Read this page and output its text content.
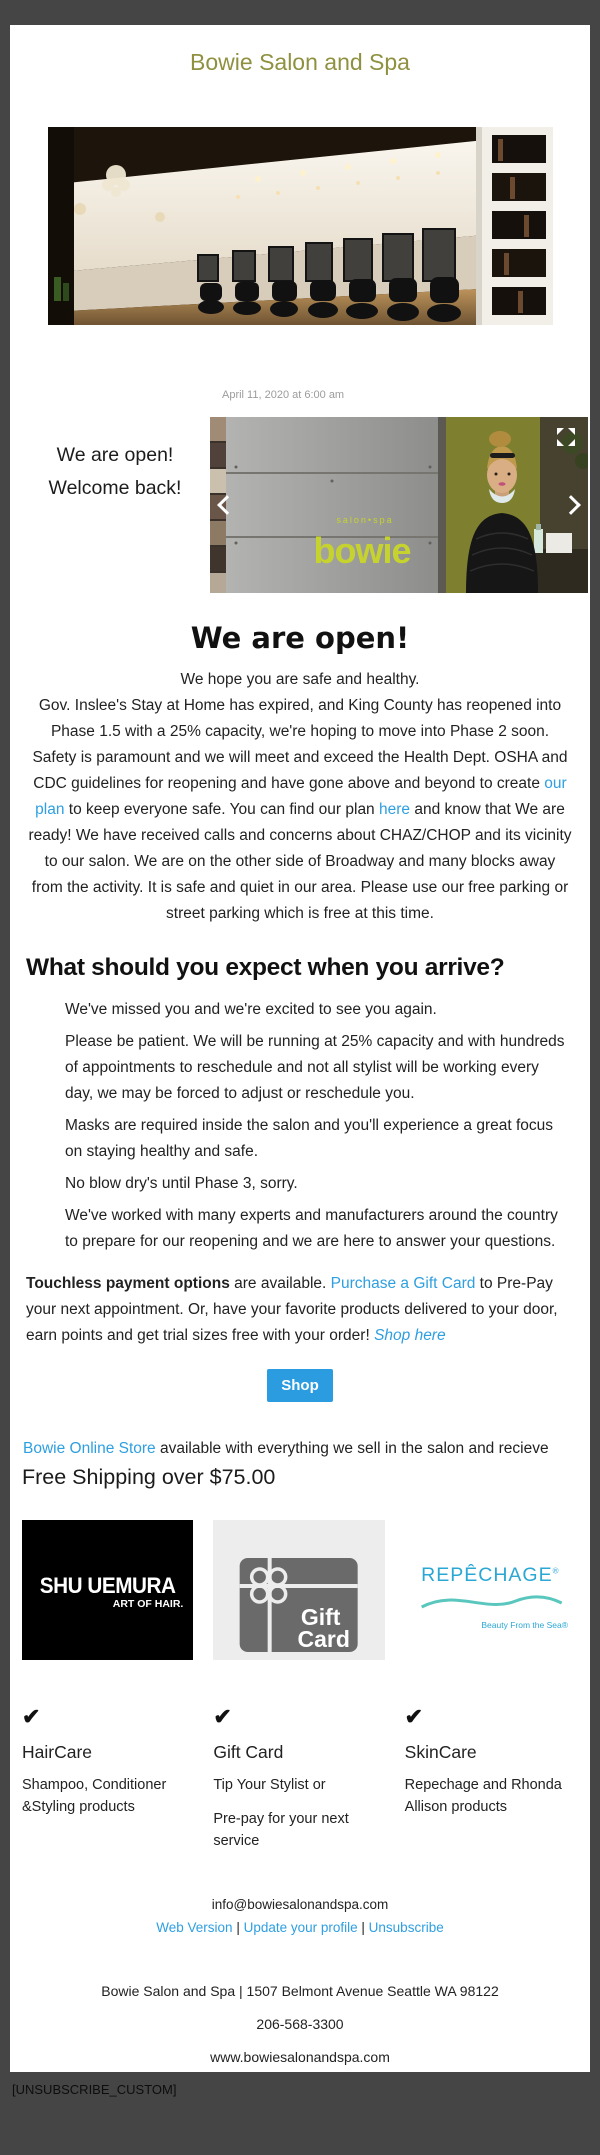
Bowie Salon and Spa
We are open!
Welcome back!
April 11, 2020 at 6:00 am
salon•spa
bowie
We are open!

We hope you are safe and healthy.
Gov. Inslee's Stay at Home has expired, and King County has reopened into Phase 1.5 with a 25% capacity, we're hoping to move into Phase 2 soon. Safety is paramount and we will meet and exceed the Health Dept. OSHA and CDC guidelines for reopening and have gone above and beyond to create our plan to keep everyone safe. You can find our plan here and know that We are ready! We have received calls and concerns about CHAZ/CHOP and its vicinity to our salon. We are on the other side of Broadway and many blocks away from the activity. It is safe and quiet in our area. Please use our free parking or street parking which is free at this time.

What should you expect when you arrive?
We've missed you and we're excited to see you again.
Please be patient. We will be running at 25% capacity and with hundreds of appointments to reschedule and not all stylist will be working every day, we may be forced to adjust or reschedule you.
Masks are required inside the salon and you'll experience a great focus on staying healthy and safe.
No blow dry's until Phase 3, sorry.
We've worked with many experts and manufacturers around the country to prepare for our reopening and we are here to answer your questions.

Touchless payment options are available. Purchase a Gift Card to Pre-Pay your next appointment. Or, have your favorite products delivered to your door, earn points and get trial sizes free with your order! Shop here

Shop

Bowie Online Store available with everything we sell in the salon and recieve

Free Shipping over $75.00

SHU UEMURA
ART OF HAIR.
✔
HairCare

Shampoo, Conditioner
&Styling products

Gift
Card
✔
Gift Card

Tip Your Stylist or

Pre-pay for your next service

REPÊCHAGE®
Beauty From the Sea®
✔
SkinCare

Repechage and Rhonda
Allison products

info@bowiesalonandspa.com
Web Version | Update your profile | Unsubscribe
Bowie Salon and Spa | 1507 Belmont Avenue Seattle WA 98122
206-568-3300
www.bowiesalonandspa.com
[UNSUBSCRIBE_CUSTOM]
